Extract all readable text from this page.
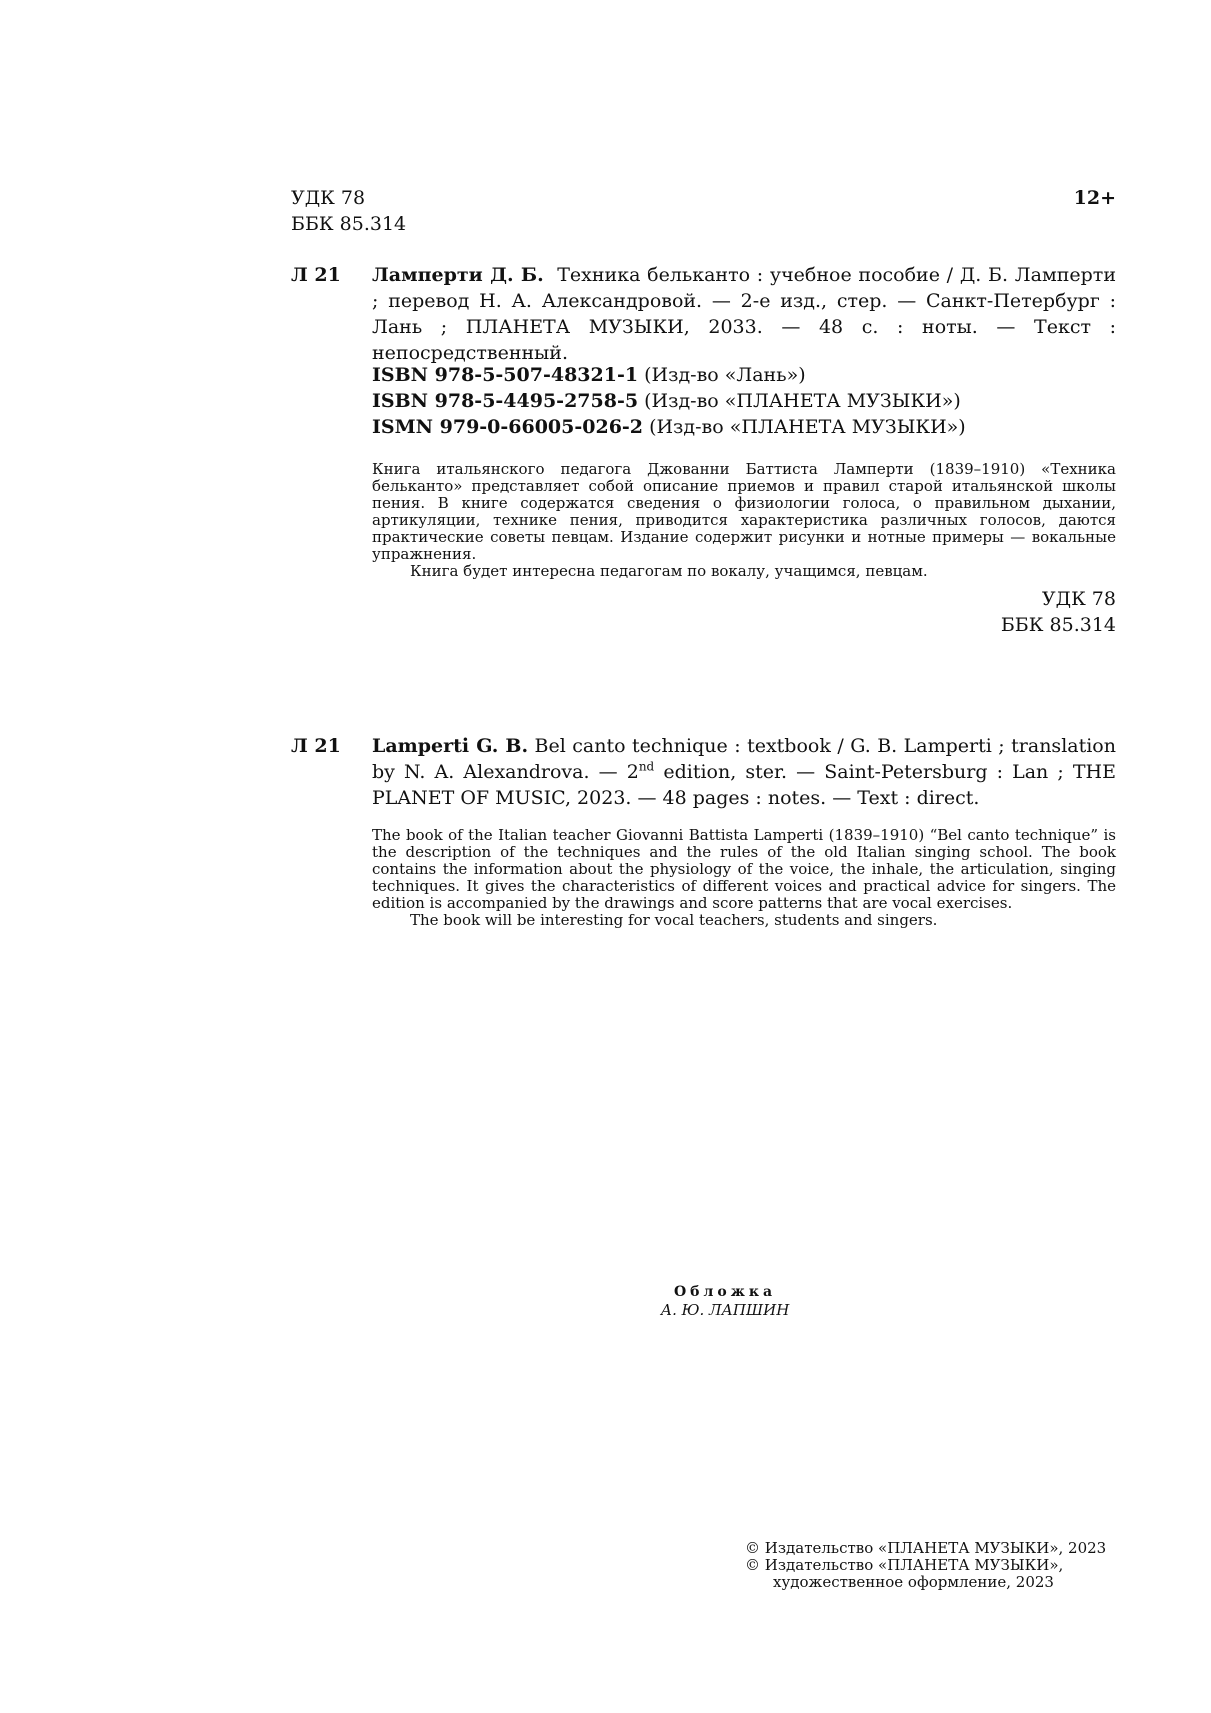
УДК 78
ББК 85.314
12+
Л 21	Ламперти Д. Б. Техника бельканто : учебное пособие / Д. Б. Ламперти ; перевод Н. А. Александровой. — 2-е изд., стер. — Санкт-Петербург : Лань ; ПЛАНЕТА МУЗЫКИ, 2033. — 48 с. : ноты. — Текст : непосредственный.

ISBN 978-5-507-48321-1 (Изд-во «Лань»)
ISBN 978-5-4495-2758-5 (Изд-во «ПЛАНЕТА МУЗЫКИ»)
ISMN 979-0-66005-026-2 (Изд-во «ПЛАНЕТА МУЗЫКИ»)

Книга итальянского педагога Джованни Баттиста Ламперти (1839–1910) «Техника бельканто» представляет собой описание приемов и правил старой итальянской школы пения. В книге содержатся сведения о физиологии голоса, о правильном дыхании, артикуляции, технике пения, приводится характеристика различных голосов, даются практические советы певцам. Издание содержит рисунки и нотные примеры — вокальные упражнения.

Книга будет интересна педагогам по вокалу, учащимся, певцам.

УДК 78
ББК 85.314
Л 21	Lamperti G. B. Bel canto technique : textbook / G. B. Lamperti ; translation by N. A. Alexandrova. — 2nd edition, ster. — Saint-Petersburg : Lan ; THE PLANET OF MUSIC, 2023. — 48 pages : notes. — Text : direct.

The book of the Italian teacher Giovanni Battista Lamperti (1839–1910) “Bel canto technique” is the description of the techniques and the rules of the old Italian singing school. The book contains the information about the physiology of the voice, the inhale, the articulation, singing techniques. It gives the characteristics of different voices and practical advice for singers. The edition is accompanied by the drawings and score patterns that are vocal exercises.

The book will be interesting for vocal teachers, students and singers.

Обложка
А. Ю. ЛАПШИН
© Издательство «ПЛАНЕТА МУЗЫКИ», 2023
© Издательство «ПЛАНЕТА МУЗЫКИ»,
художественное оформление, 2023
